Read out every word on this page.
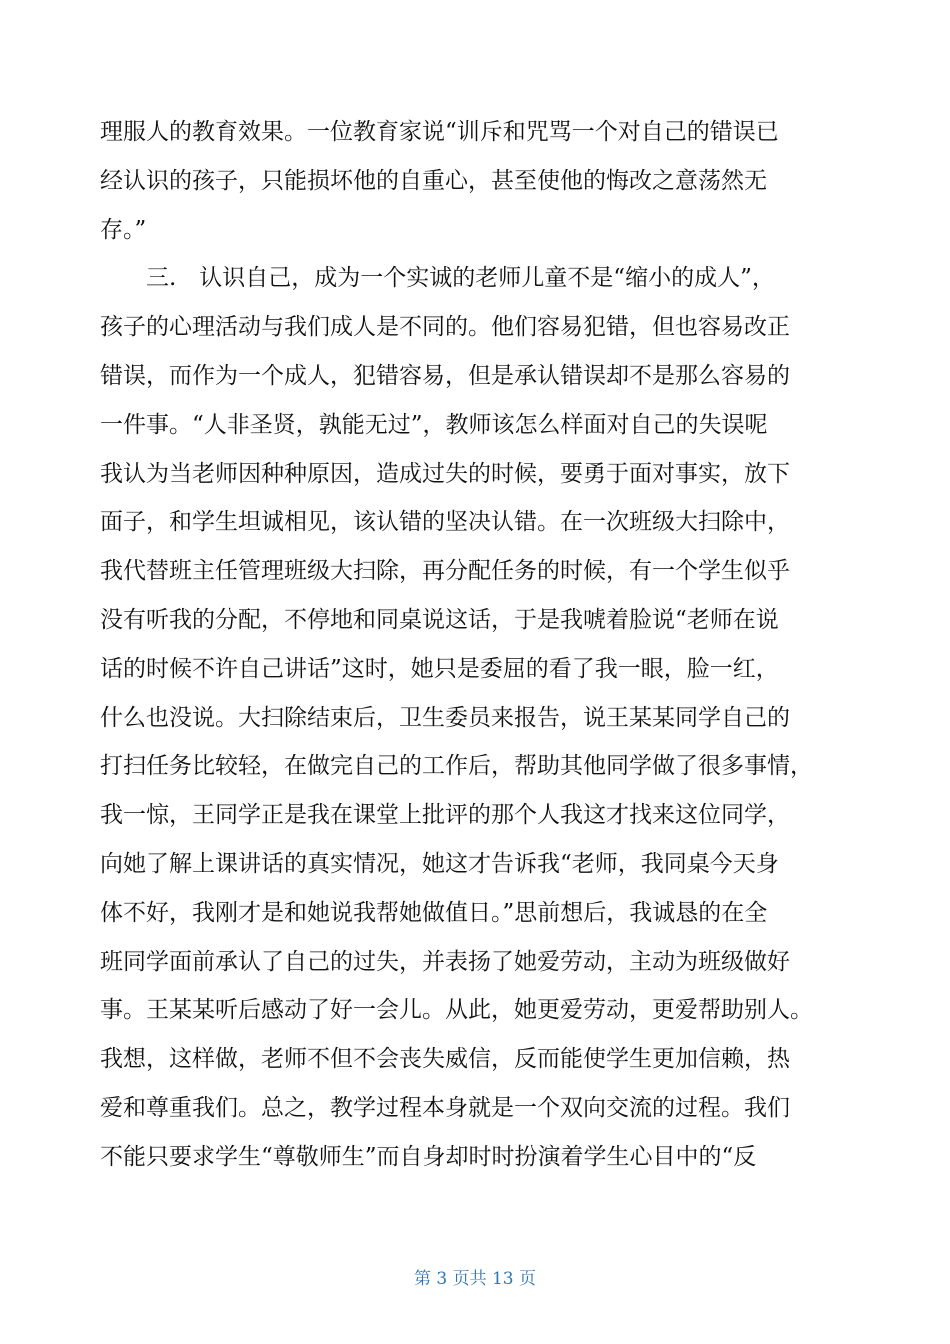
理服人的教育效果。一位教育家说“训斥和咒骂一个对自己的错误已
经认识的孩子，只能损坏他的自重心，甚至使他的悔改之意荡然无
存。”
　　三.　认识自己，成为一个实诚的老师儿童不是“缩小的成人”，
孩子的心理活动与我们成人是不同的。他们容易犯错，但也容易改正
错误，而作为一个成人，犯错容易，但是承认错误却不是那么容易的
一件事。“人非圣贤，孰能无过”，教师该怎么样面对自己的失误呢
我认为当老师因种种原因，造成过失的时候，要勇于面对事实，放下
面子，和学生坦诚相见，该认错的坚决认错。在一次班级大扫除中，
我代替班主任管理班级大扫除，再分配任务的时候，有一个学生似乎
没有听我的分配，不停地和同桌说这话，于是我唬着脸说“老师在说
话的时候不许自己讲话”这时，她只是委屈的看了我一眼，脸一红，
什么也没说。大扫除结束后，卫生委员来报告，说王某某同学自己的
打扫任务比较轻，在做完自己的工作后，帮助其他同学做了很多事情，
我一惊，王同学正是我在课堂上批评的那个人我这才找来这位同学，
向她了解上课讲话的真实情况，她这才告诉我“老师，我同桌今天身
体不好，我刚才是和她说我帮她做值日。”思前想后，我诚恳的在全
班同学面前承认了自己的过失，并表扬了她爱劳动，主动为班级做好
事。王某某听后感动了好一会儿。从此，她更爱劳动，更爱帮助别人。
我想，这样做，老师不但不会丧失威信，反而能使学生更加信赖，热
爱和尊重我们。总之，教学过程本身就是一个双向交流的过程。我们
不能只要求学生“尊敬师生”而自身却时时扮演着学生心目中的“反
第 3 页共 13 页
